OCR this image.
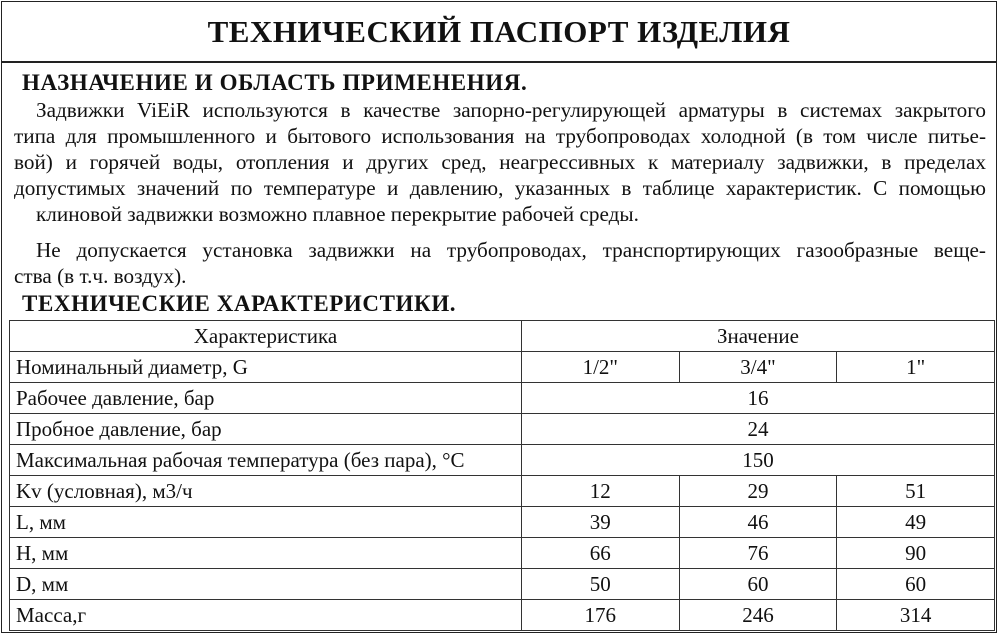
ТЕХНИЧЕСКИЙ ПАСПОРТ ИЗДЕЛИЯ
НАЗНАЧЕНИЕ И ОБЛАСТЬ ПРИМЕНЕНИЯ.

Задвижки ViEiR используются в качестве запорно-регулирующей арматуры в системах закрытого
типа для промышленного и бытового использования на трубопроводах холодной (в том числе питье-
вой) и горячей воды, отопления и других сред, неагрессивных к материалу задвижки, в пределах
допустимых значений по температуре и давлению, указанных в таблице характеристик. С помощью
клиновой задвижки возможно плавное перекрытие рабочей среды.

Не допускается установка задвижки на трубопроводах, транспортирующих газообразные веще-
ства (в т.ч. воздух).

ТЕХНИЧЕСКИЕ ХАРАКТЕРИСТИКИ.
Характеристика	Значение		
Номинальный диаметр, G	1/2"	3/4"	1"
Рабочее давление, бар	16		
Пробное давление, бар	24		
Максимальная рабочая температура (без пара), °С	150		
Kv (условная), м3/ч	12	29	51
L, мм	39	46	49
H, мм	66	76	90
D, мм	50	60	60
Масса,г	176	246	314
